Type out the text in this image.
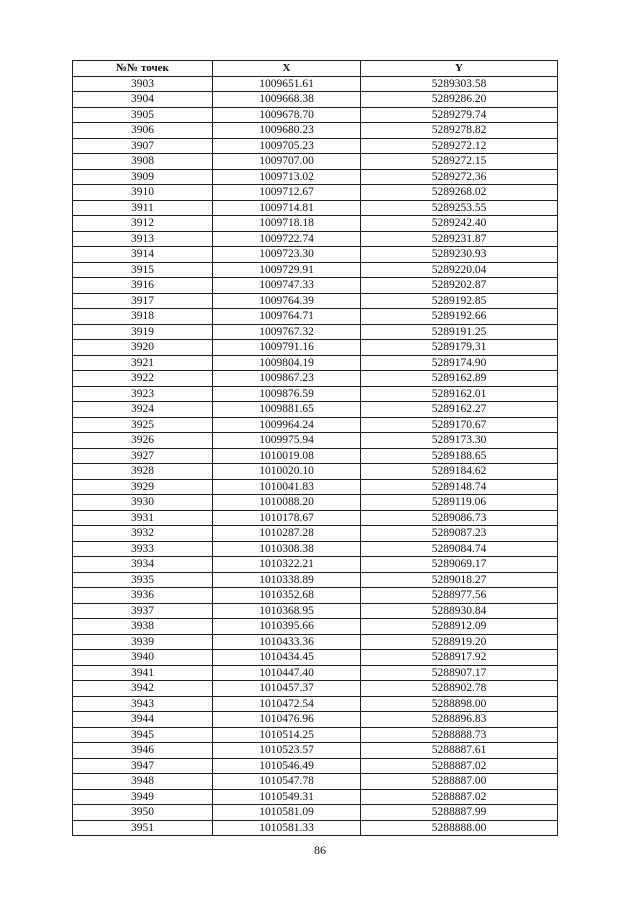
№№ точек	X	Y
3903	1009651.61	5289303.58
3904	1009668.38	5289286.20
3905	1009678.70	5289279.74
3906	1009680.23	5289278.82
3907	1009705.23	5289272.12
3908	1009707.00	5289272.15
3909	1009713.02	5289272.36
3910	1009712.67	5289268.02
3911	1009714.81	5289253.55
3912	1009718.18	5289242.40
3913	1009722.74	5289231.87
3914	1009723.30	5289230.93
3915	1009729.91	5289220.04
3916	1009747.33	5289202.87
3917	1009764.39	5289192.85
3918	1009764.71	5289192.66
3919	1009767.32	5289191.25
3920	1009791.16	5289179.31
3921	1009804.19	5289174.90
3922	1009867.23	5289162.89
3923	1009876.59	5289162.01
3924	1009881.65	5289162.27
3925	1009964.24	5289170.67
3926	1009975.94	5289173.30
3927	1010019.08	5289188.65
3928	1010020.10	5289184.62
3929	1010041.83	5289148.74
3930	1010088.20	5289119.06
3931	1010178.67	5289086.73
3932	1010287.28	5289087.23
3933	1010308.38	5289084.74
3934	1010322.21	5289069.17
3935	1010338.89	5289018.27
3936	1010352.68	5288977.56
3937	1010368.95	5288930.84
3938	1010395.66	5288912.09
3939	1010433.36	5288919.20
3940	1010434.45	5288917.92
3941	1010447.40	5288907.17
3942	1010457.37	5288902.78
3943	1010472.54	5288898.00
3944	1010476.96	5288896.83
3945	1010514.25	5288888.73
3946	1010523.57	5288887.61
3947	1010546.49	5288887.02
3948	1010547.78	5288887.00
3949	1010549.31	5288887.02
3950	1010581.09	5288887.99
3951	1010581.33	5288888.00
86
